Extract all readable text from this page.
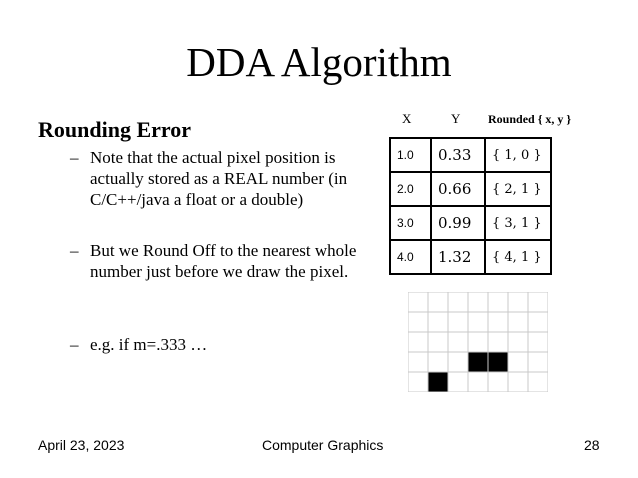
DDA Algorithm
Rounding Error
– Note that the actual pixel position is actually stored as a REAL number (in C/C++/java a float or a double)
– But we Round Off to the nearest whole number just before we draw the pixel.
– e.g. if m=.333 …
X	Y Rounded { x, y }
1.0	0.33	{ 1, 0 }
2.0	0.66	{ 2, 1 }
3.0	0.99	{ 3, 1 }
4.0	1.32	{ 4, 1 }
April 23, 2023	Computer Graphics	28
